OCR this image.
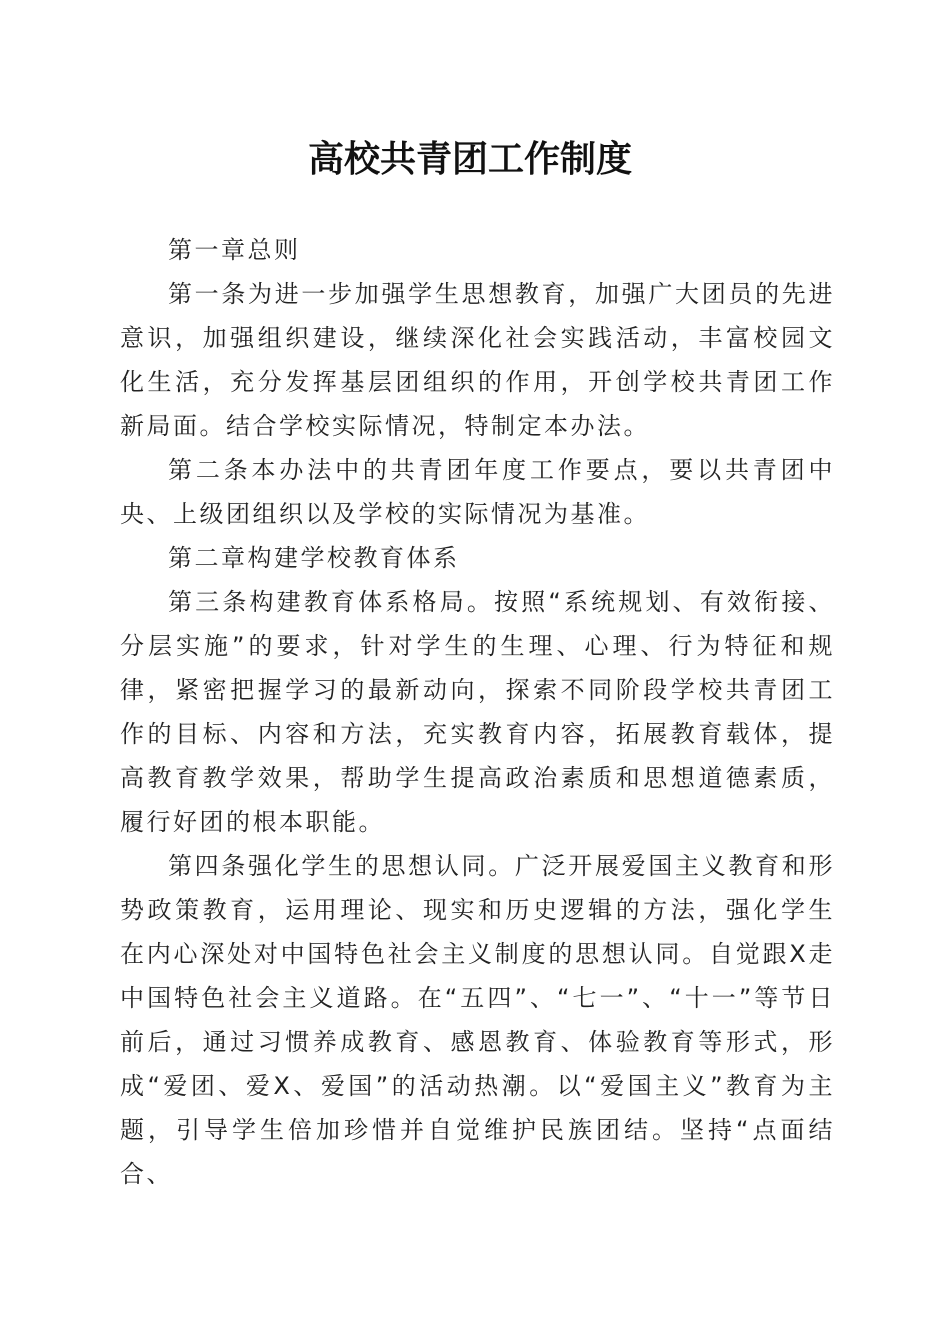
高校共青团工作制度

第一章总则

第一条为进一步加强学生思想教育，加强广大团员的先进意识，加强组织建设，继续深化社会实践活动，丰富校园文化生活，充分发挥基层团组织的作用，开创学校共青团工作新局面。结合学校实际情况，特制定本办法。

第二条本办法中的共青团年度工作要点，要以共青团中央、上级团组织以及学校的实际情况为基准。

第二章构建学校教育体系

第三条构建教育体系格局。按照“系统规划、有效衔接、分层实施”的要求，针对学生的生理、心理、行为特征和规律，紧密把握学习的最新动向，探索不同阶段学校共青团工作的目标、内容和方法，充实教育内容，拓展教育载体，提高教育教学效果，帮助学生提高政治素质和思想道德素质，履行好团的根本职能。

第四条强化学生的思想认同。广泛开展爱国主义教育和形势政策教育，运用理论、现实和历史逻辑的方法，强化学生在内心深处对中国特色社会主义制度的思想认同。自觉跟X走中国特色社会主义道路。在“五四”、“七一”、“十一”等节日前后，通过习惯养成教育、感恩教育、体验教育等形式，形成“爱团、爱X、爱国”的活动热潮。以“爱国主义”教育为主题，引导学生倍加珍惜并自觉维护民族团结。坚持“点面结合、
